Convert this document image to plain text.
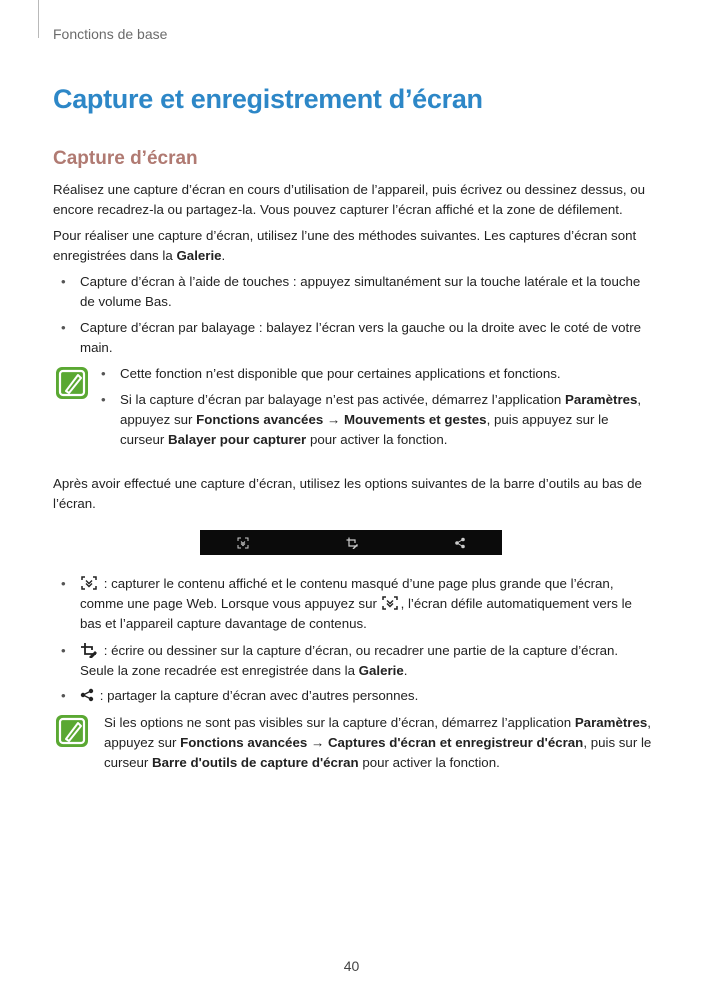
Fonctions de base
Capture et enregistrement d’écran
Capture d’écran

Réalisez une capture d’écran en cours d’utilisation de l’appareil, puis écrivez ou dessinez dessus, ou encore recadrez-la ou partagez-la. Vous pouvez capturer l’écran affiché et la zone de défilement.

Pour réaliser une capture d’écran, utilisez l’une des méthodes suivantes. Les captures d’écran sont enregistrées dans la Galerie.

• Capture d’écran à l’aide de touches : appuyez simultanément sur la touche latérale et la touche de volume Bas.
• Capture d’écran par balayage : balayez l’écran vers la gauche ou la droite avec le coté de votre main.
• Cette fonction n’est disponible que pour certaines applications et fonctions.
• Si la capture d’écran par balayage n’est pas activée, démarrez l’application Paramètres, appuyez sur Fonctions avancées → Mouvements et gestes, puis appuyez sur le curseur Balayer pour capturer pour activer la fonction.

Après avoir effectué une capture d’écran, utilisez les options suivantes de la barre d’outils au bas de l’écran.

•	: capturer le contenu affiché et le contenu masqué d’une page plus grande que l’écran, comme une page Web. Lorsque vous appuyez sur , l’écran défile automatiquement vers le bas et l’appareil capture davantage de contenus.
•	: écrire ou dessiner sur la capture d’écran, ou recadrer une partie de la capture d’écran. Seule la zone recadrée est enregistrée dans la Galerie.
• : partager la capture d’écran avec d’autres personnes.

Si les options ne sont pas visibles sur la capture d’écran, démarrez l’application Paramètres, appuyez sur Fonctions avancées → Captures d'écran et enregistreur d'écran, puis sur le curseur Barre d'outils de capture d'écran pour activer la fonction.

40
